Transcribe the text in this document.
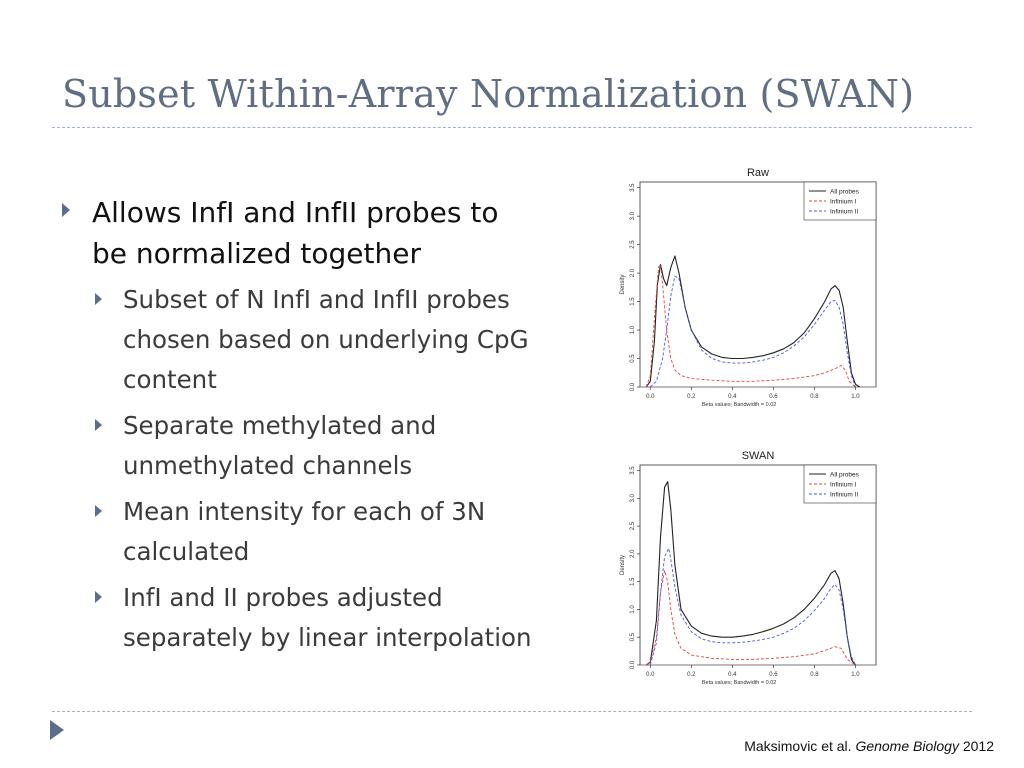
Subset Within-Array Normalization (SWAN)
Allows InfI and InfII probes to be normalized together
Subset of N InfI and InfII probes chosen based on underlying CpG content
Separate methylated and unmethylated channels
Mean intensity for each of 3N calculated
InfI and II probes adjusted separately by linear interpolation
Raw
0.0
0.5
1.0
1.5
2.0
2.5
3.0
3.5
0.0	0.2	0.4	0.6	0.8	1.0
Beta values; Bandwidth = 0.02
Density
All probes
Infinium I
Infinium II
SWAN
0.0
0.5
1.0
1.5
2.0
2.5
3.0
3.5
0.0	0.2	0.4	0.6	0.8	1.0
Beta values; Bandwidth = 0.02
Density
All probes
Infinium I
Infinium II
Maksimovic et al. Genome Biology 2012
